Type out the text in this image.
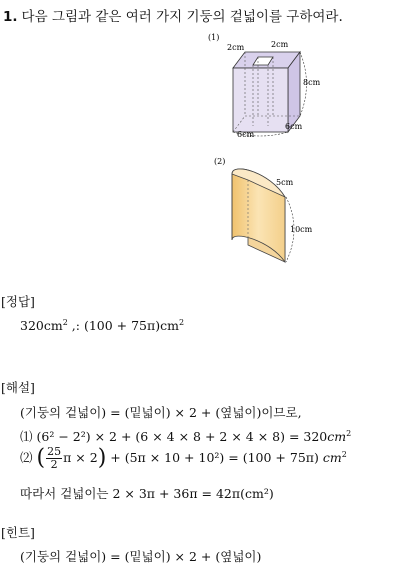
1. 다음 그림과 같은 여러 가지 기둥의 겉넓이를 구하여라.
(1)
2cm	2cm
8cm
6cm
6cm
(2)
5cm
10cm
[정답]
$320cm^2$ ,: $(100 + 75\pi)cm^2$
[해설]
(기둥의 겉넓이) = (밑넓이) × 2 + (옆넓이)이므로,
⑴ $(6^2 - 2^2) \times 2 + (6 \times 4 \times 8 + 2 \times 4 \times 8) = 320cm^2$
⑵ ( $\frac{25}{2}$ π × 2) + (5π × 10 + 10²) = (100 + 75π) $cm^2$
따라서 겉넓이는 2 × 3π + 36π = 42π(cm²)
[힌트]
(기둥의 겉넓이) = (밑넓이) × 2 + (옆넓이)
